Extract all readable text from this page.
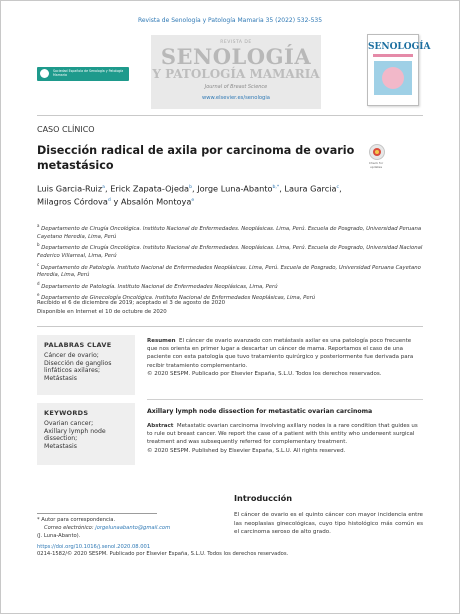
Revista de Senología y Patología Mamaria 35 (2022) 532-535
Sociedad Española de Senología y Patología Mamaria
REVISTA DE
SENOLOGÍA
Y PATOLOGÍA MAMARIA
Journal of Breast Science
www.elsevier.es/senologia
SENOLOGÍA
CASO CLÍNICO
Disección radical de axila por carcinoma de ovario metastásico	Check for updates
Luis Garcia-Ruiz$^a$, Erick Zapata-Ojeda$^b$, Jorge Luna-Abanto$^{b,*}$, Laura Garcia$^c$,
Milagros Córdova$^d$ y Absalón Montoya$^e$

$^a$ Departamento de Cirugía Oncológica. Instituto Nacional de Enfermedades. Neoplásicas. Lima, Perú. Escuela de Posgrado, Universidad Peruana Cayetano Heredia, Lima, Perú

$^b$ Departamento de Cirugía Oncológica. Instituto Nacional de Enfermedades. Neoplásicas. Lima, Perú. Escuela de Posgrado, Universidad Nacional Federico Villarreal, Lima, Perú

$^c$ Departamento de Patología. Instituto Nacional de Enfermedades Neoplásicas. Lima, Perú. Escuela de Posgrado, Universidad Peruana Cayetano Heredia, Lima, Perú

$^d$ Departamento de Patología. Instituto Nacional de Enfermedades Neoplásicas, Lima, Perú

$^e$ Departamento de Ginecología Oncológica. Instituto Nacional de Enfermedades Neoplásicas, Lima, Perú

Recibido el 6 de diciembre de 2019; aceptado el 3 de agosto de 2020
Disponible en Internet el 10 de octubre de 2020
PALABRAS CLAVE
Cáncer de ovario;
Disección de ganglios
linfáticos axilares;
Metástasis
Resumen El cáncer de ovario avanzado con metástasis axilar es una patología poco frecuente que nos orienta en primer lugar a descartar un cáncer de mama. Reportamos el caso de una paciente con esta patología que tuvo tratamiento quirúrgico y posteriormente fue derivada para recibir tratamiento complementario.
© 2020 SESPM. Publicado por Elsevier España, S.L.U. Todos los derechos reservados.
KEYWORDS
Ovarian cancer;
Axillary lymph node
dissection;
Metastasis
Axillary lymph node dissection for metastatic ovarian carcinoma
Abstract Metastatic ovarian carcinoma involving axillary nodes is a rare condition that guides us to rule out breast cancer. We report the case of a patient with this entity who underwent surgical treatment and was subsequently referred for complementary treatment.
© 2020 SESPM. Published by Elsevier España, S.L.U. All rights reserved.
Introducción
El cáncer de ovario es el quinto cáncer con mayor incidencia entre las neoplasias ginecológicas, cuyo tipo histológico más común es el carcinoma seroso de alto grado.
* Autor para correspondencia.
Correo electrónico: jorgelunaabanto@gmail.com
(J. Luna-Abanto).
https://doi.org/10.1016/j.senol.2020.08.001
0214-1582/© 2020 SESPM. Publicado por Elsevier España, S.L.U. Todos los derechos reservados.
